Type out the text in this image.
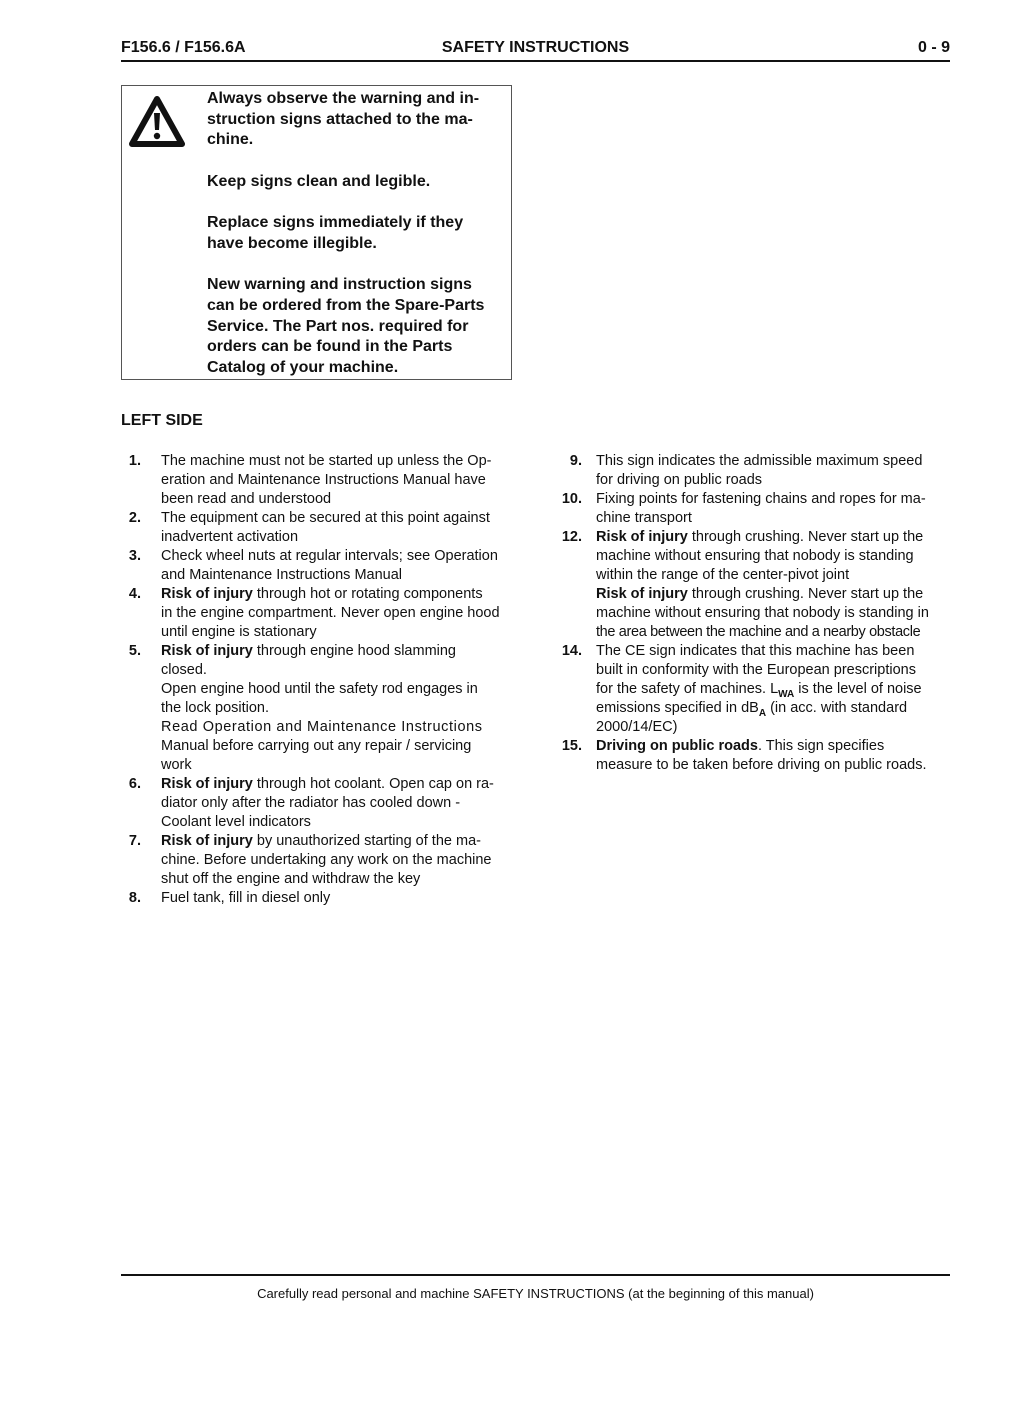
F156.6 / F156.6A	SAFETY INSTRUCTIONS	0 - 9

Always observe the warning and in-
struction signs attached to the ma-
chine.

Keep signs clean and legible.

Replace signs immediately if they
have become illegible.

New warning and instruction signs
can be ordered from the Spare-Parts
Service. The Part nos. required for
orders can be found in the Parts
Catalog of your machine.

LEFT SIDE
1. The machine must not be started up unless the Op-
eration and Maintenance Instructions Manual have
been read and understood
2. The equipment can be secured at this point against
inadvertent activation
3. Check wheel nuts at regular intervals; see Operation
and Maintenance Instructions Manual
4. Risk of injury through hot or rotating components
in the engine compartment. Never open engine hood
until engine is stationary
5. Risk of injury through engine hood slamming
closed.
Open engine hood until the safety rod engages in
the lock position.
Read Operation and Maintenance Instructions
Manual before carrying out any repair / servicing
work
6. Risk of injury through hot coolant. Open cap on ra-
diator only after the radiator has cooled down -
Coolant level indicators
7. Risk of injury by unauthorized starting of the ma-
chine. Before undertaking any work on the machine
shut off the engine and withdraw the key
8. Fuel tank, fill in diesel only
9. This sign indicates the admissible maximum speed
for driving on public roads
10. Fixing points for fastening chains and ropes for ma-
chine transport
12. Risk of injury through crushing. Never start up the
machine without ensuring that nobody is standing
within the range of the center-pivot joint
Risk of injury through crushing. Never start up the
machine without ensuring that nobody is standing in
the area between the machine and a nearby obstacle
14. The CE sign indicates that this machine has been
built in conformity with the European prescriptions
for the safety of machines. $L_{WA}$ is the level of noise
emissions specified in $dB_A$ (in acc. with standard
2000/14/EC)
15. Driving on public roads. This sign specifies
measure to be taken before driving on public roads.
Carefully read personal and machine SAFETY INSTRUCTIONS (at the beginning of this manual)
